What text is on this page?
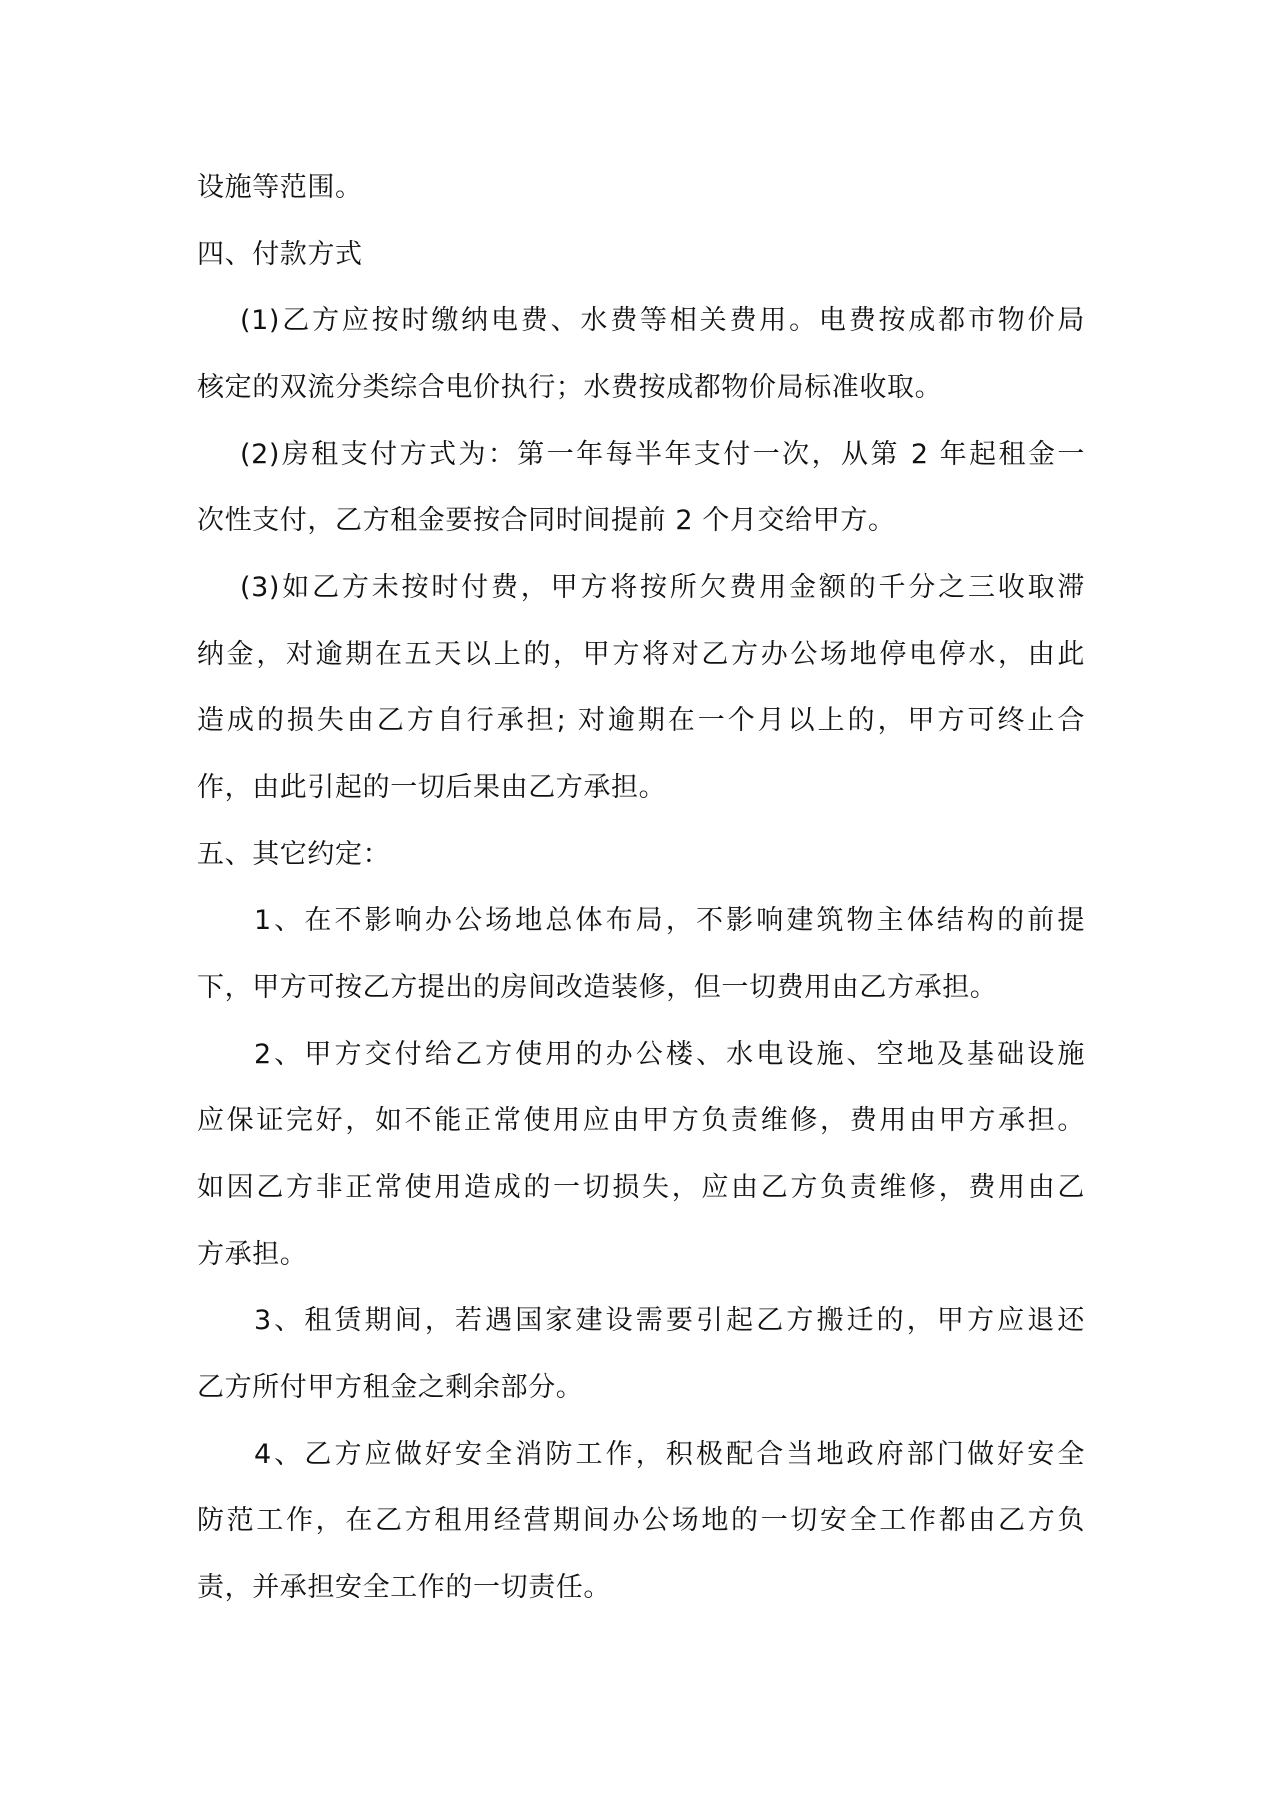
设施等范围。
四、付款方式
(1)乙方应按时缴纳电费、水费等相关费用。电费按成都市物价局
核定的双流分类综合电价执行；水费按成都物价局标准收取。
(2)房租支付方式为：第一年每半年支付一次，从第 2 年起租金一
次性支付，乙方租金要按合同时间提前 2 个月交给甲方。
(3)如乙方未按时付费，甲方将按所欠费用金额的千分之三收取滞
纳金，对逾期在五天以上的，甲方将对乙方办公场地停电停水，由此
造成的损失由乙方自行承担; 对逾期在一个月以上的，甲方可终止合
作，由此引起的一切后果由乙方承担。
五、其它约定：
1、在不影响办公场地总体布局，不影响建筑物主体结构的前提
下，甲方可按乙方提出的房间改造装修，但一切费用由乙方承担。
2、甲方交付给乙方使用的办公楼、水电设施、空地及基础设施
应保证完好，如不能正常使用应由甲方负责维修，费用由甲方承担。
如因乙方非正常使用造成的一切损失，应由乙方负责维修，费用由乙
方承担。
3、租赁期间，若遇国家建设需要引起乙方搬迁的，甲方应退还
乙方所付甲方租金之剩余部分。
4、乙方应做好安全消防工作，积极配合当地政府部门做好安全
防范工作，在乙方租用经营期间办公场地的一切安全工作都由乙方负
责，并承担安全工作的一切责任。
